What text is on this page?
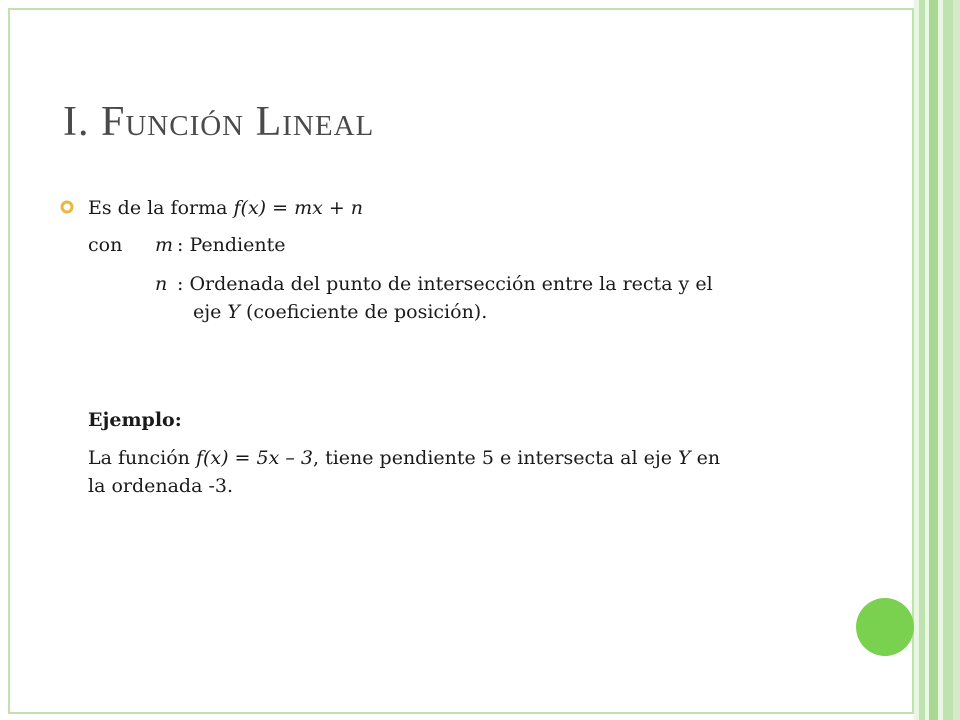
I. Función Lineal
Es de la forma f(x) = mx + n
con m : Pendiente
n : Ordenada del punto de intersección entre la recta y el
eje Y (coeficiente de posición).
Ejemplo:
La función f(x) = 5x – 3, tiene pendiente 5 e intersecta al eje Y en
la ordenada -3.
